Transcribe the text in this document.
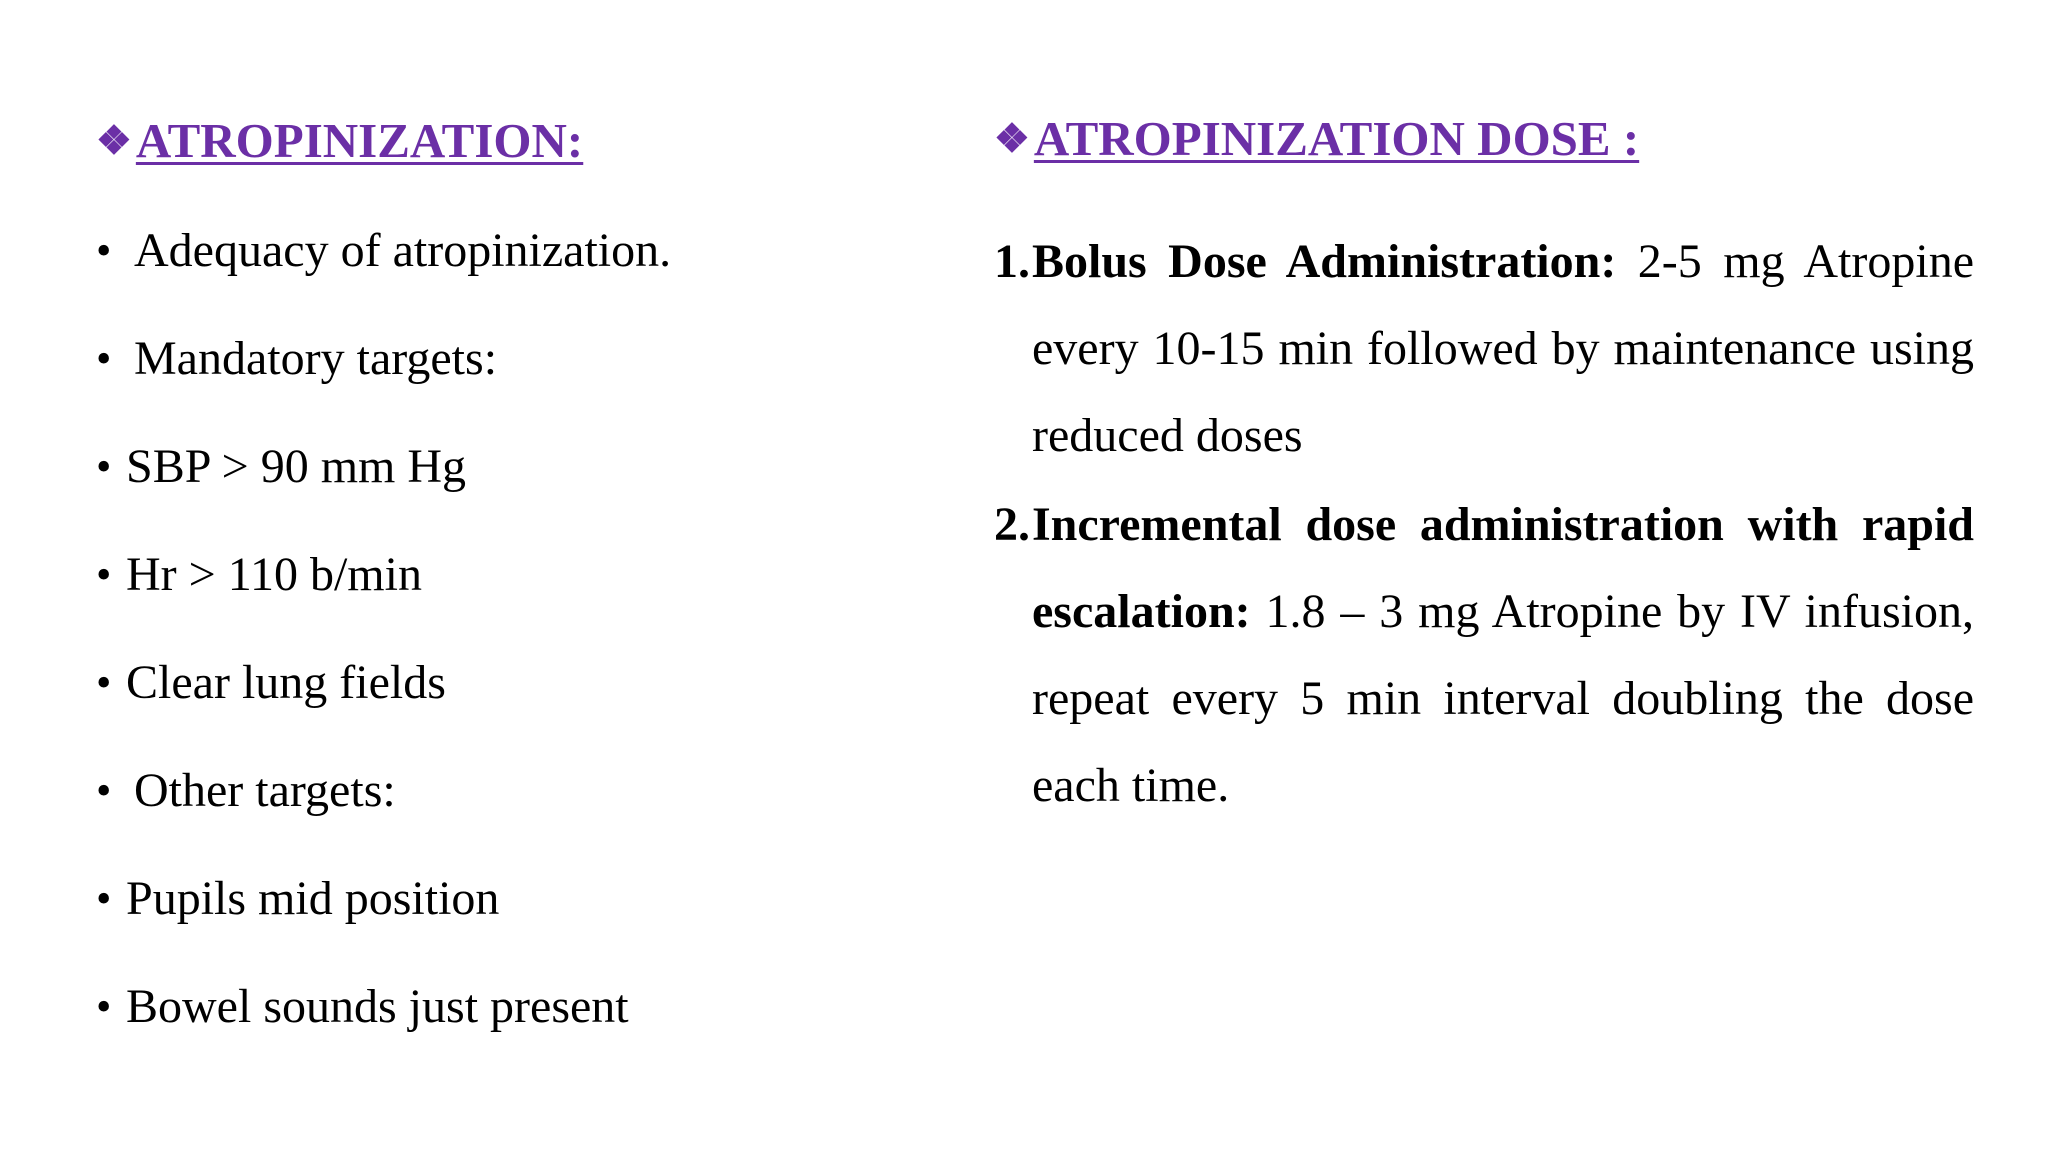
❖ ATROPINIZATION:
• Adequacy of atropinization.
• Mandatory targets:
• SBP > 90 mm Hg
• Hr > 110 b/min
• Clear lung fields
• Other targets:
• Pupils mid position
• Bowel sounds just present
❖ ATROPINIZATION DOSE :
1. Bolus Dose Administration: 2-5 mg Atropine every 10-15 min followed by maintenance using reduced doses
2. Incremental dose administration with rapid escalation: 1.8 – 3 mg Atropine by IV infusion, repeat every 5 min interval doubling the dose each time.
